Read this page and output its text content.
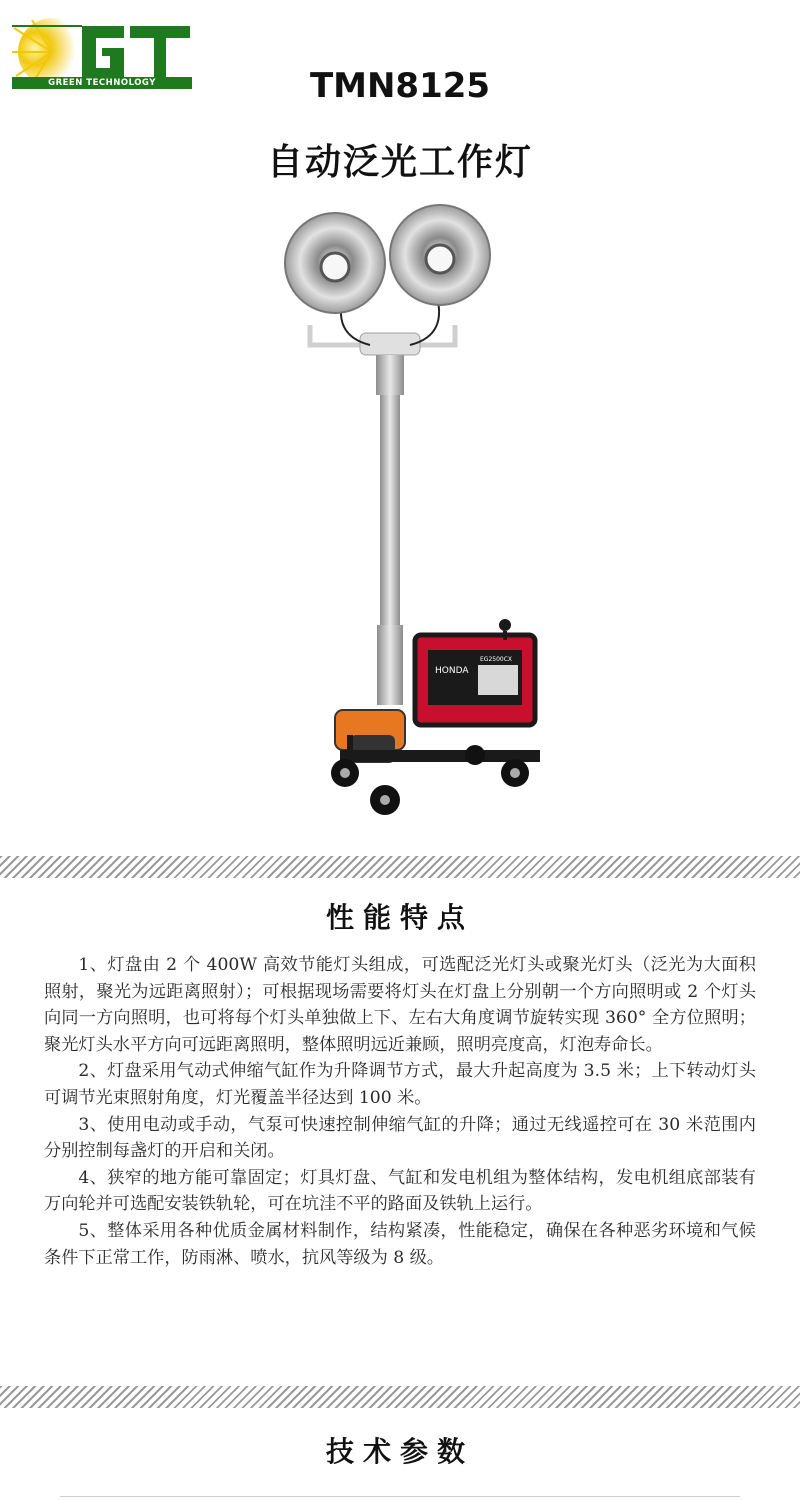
GREEN TECHNOLOGY	TMN8125
自动泛光工作灯
HONDA
EG2500CX
性能特点

1、灯盘由 2 个 400W 高效节能灯头组成，可选配泛光灯头或聚光灯头（泛光为大面积照射，聚光为远距离照射）；可根据现场需要将灯头在灯盘上分别朝一个方向照明或 2 个灯头向同一方向照明，也可将每个灯头单独做上下、左右大角度调节旋转实现 360° 全方位照明；聚光灯头水平方向可远距离照明，整体照明远近兼顾，照明亮度高，灯泡寿命长。

2、灯盘采用气动式伸缩气缸作为升降调节方式，最大升起高度为 3.5 米；上下转动灯头可调节光束照射角度，灯光覆盖半径达到 100 米。

3、使用电动或手动，气泵可快速控制伸缩气缸的升降；通过无线遥控可在 30 米范围内分别控制每盏灯的开启和关闭。

4、狭窄的地方能可靠固定；灯具灯盘、气缸和发电机组为整体结构，发电机组底部装有万向轮并可选配安装铁轨轮，可在坑洼不平的路面及铁轨上运行。

5、整体采用各种优质金属材料制作，结构紧凑，性能稳定，确保在各种恶劣环境和气候条件下正常工作，防雨淋、喷水，抗风等级为 8 级。

技术参数
